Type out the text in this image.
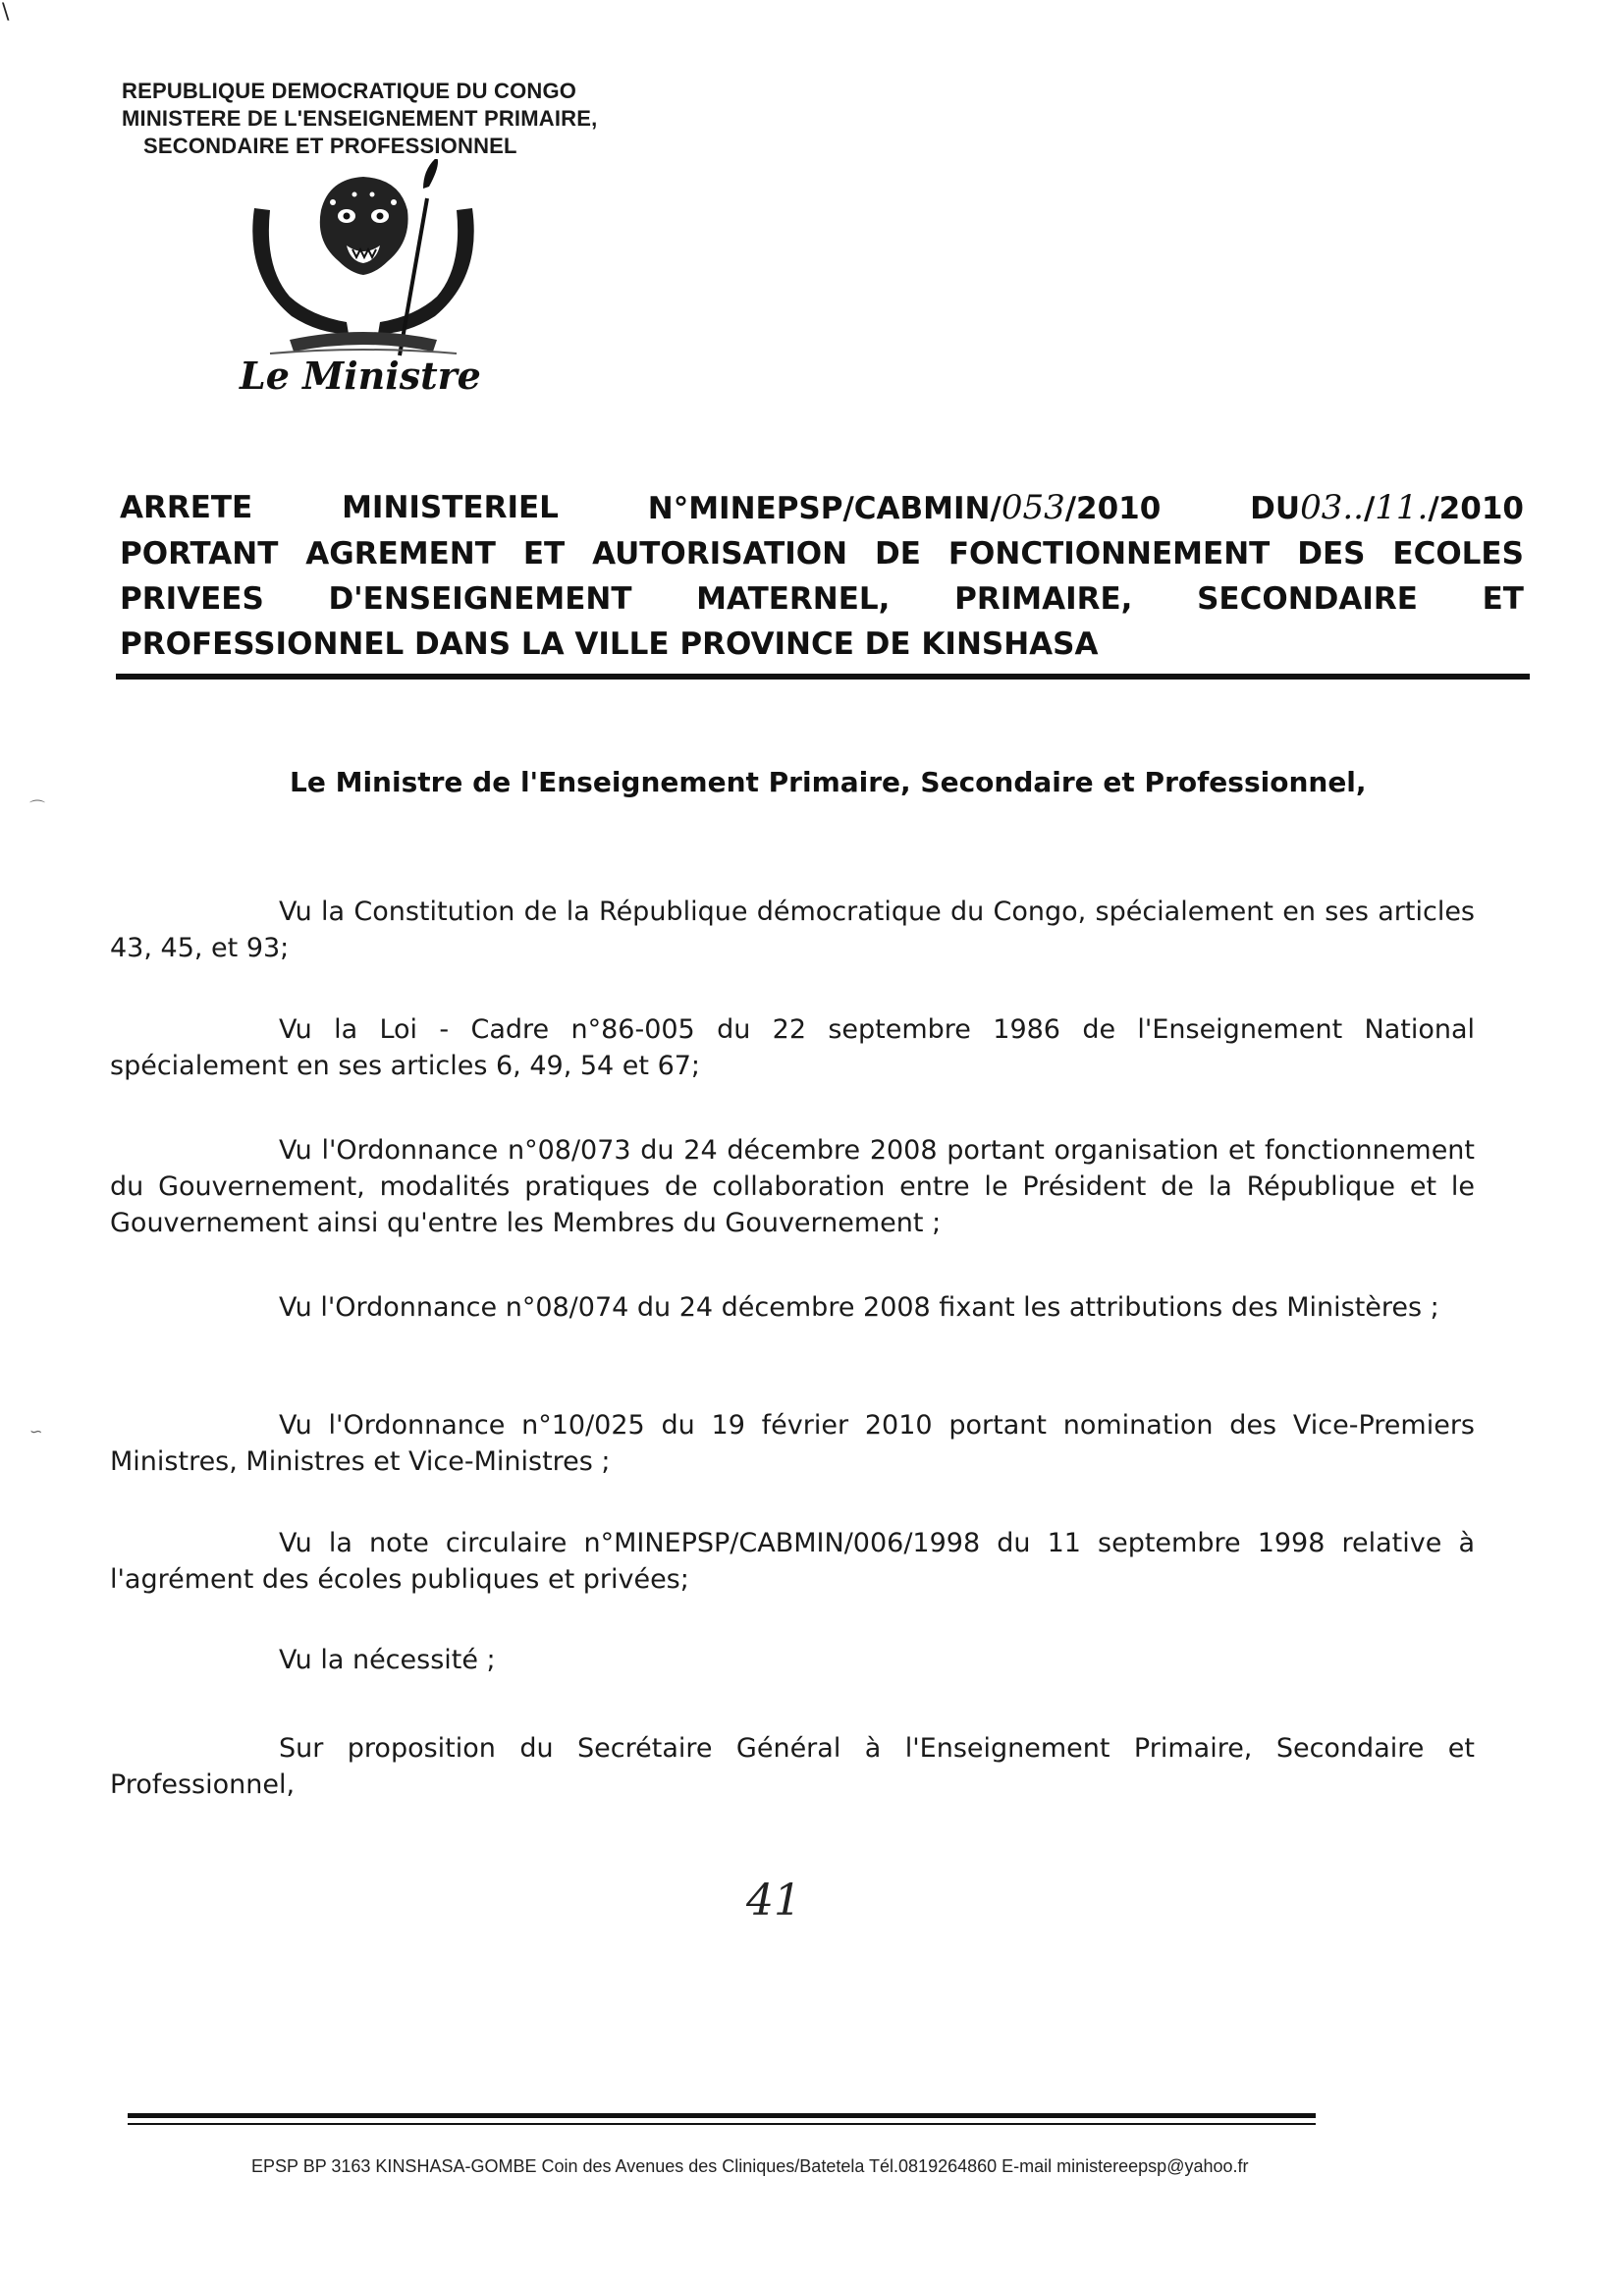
\
⌒
∽
REPUBLIQUE DEMOCRATIQUE DU CONGO
MINISTERE DE L'ENSEIGNEMENT PRIMAIRE,
SECONDAIRE ET PROFESSIONNEL
Le Ministre
ARRETE	MINISTERIEL	N°MINEPSP/CABMIN/053/2010	DU03../11./2010
PORTANT AGREMENT ET AUTORISATION DE FONCTIONNEMENT DES ECOLES
PRIVEES D'ENSEIGNEMENT MATERNEL, PRIMAIRE, SECONDAIRE ET
PROFESSIONNEL DANS LA VILLE PROVINCE DE KINSHASA
Le Ministre de l'Enseignement Primaire, Secondaire et Professionnel,
Vu la Constitution de la République démocratique du Congo, spécialement en ses articles 43, 45, et 93;
Vu la Loi - Cadre n°86-005 du 22 septembre 1986 de l'Enseignement National spécialement en ses articles 6, 49, 54 et 67;
Vu l'Ordonnance n°08/073 du 24 décembre 2008 portant organisation et fonctionnement du Gouvernement, modalités pratiques de collaboration entre le Président de la République et le Gouvernement ainsi qu'entre les Membres du Gouvernement ;
Vu l'Ordonnance n°08/074 du 24 décembre 2008 fixant les attributions des Ministères ;
Vu l'Ordonnance n°10/025 du 19 février 2010 portant nomination des Vice-Premiers Ministres, Ministres et Vice-Ministres ;
Vu la note circulaire n°MINEPSP/CABMIN/006/1998 du 11 septembre 1998 relative à l'agrément des écoles publiques et privées;
Vu la nécessité ;
Sur proposition du Secrétaire Général à l'Enseignement Primaire, Secondaire et Professionnel,
41
EPSP BP 3163 KINSHASA-GOMBE Coin des Avenues des Cliniques/Batetela Tél.0819264860 E-mail ministereepsp@yahoo.fr
